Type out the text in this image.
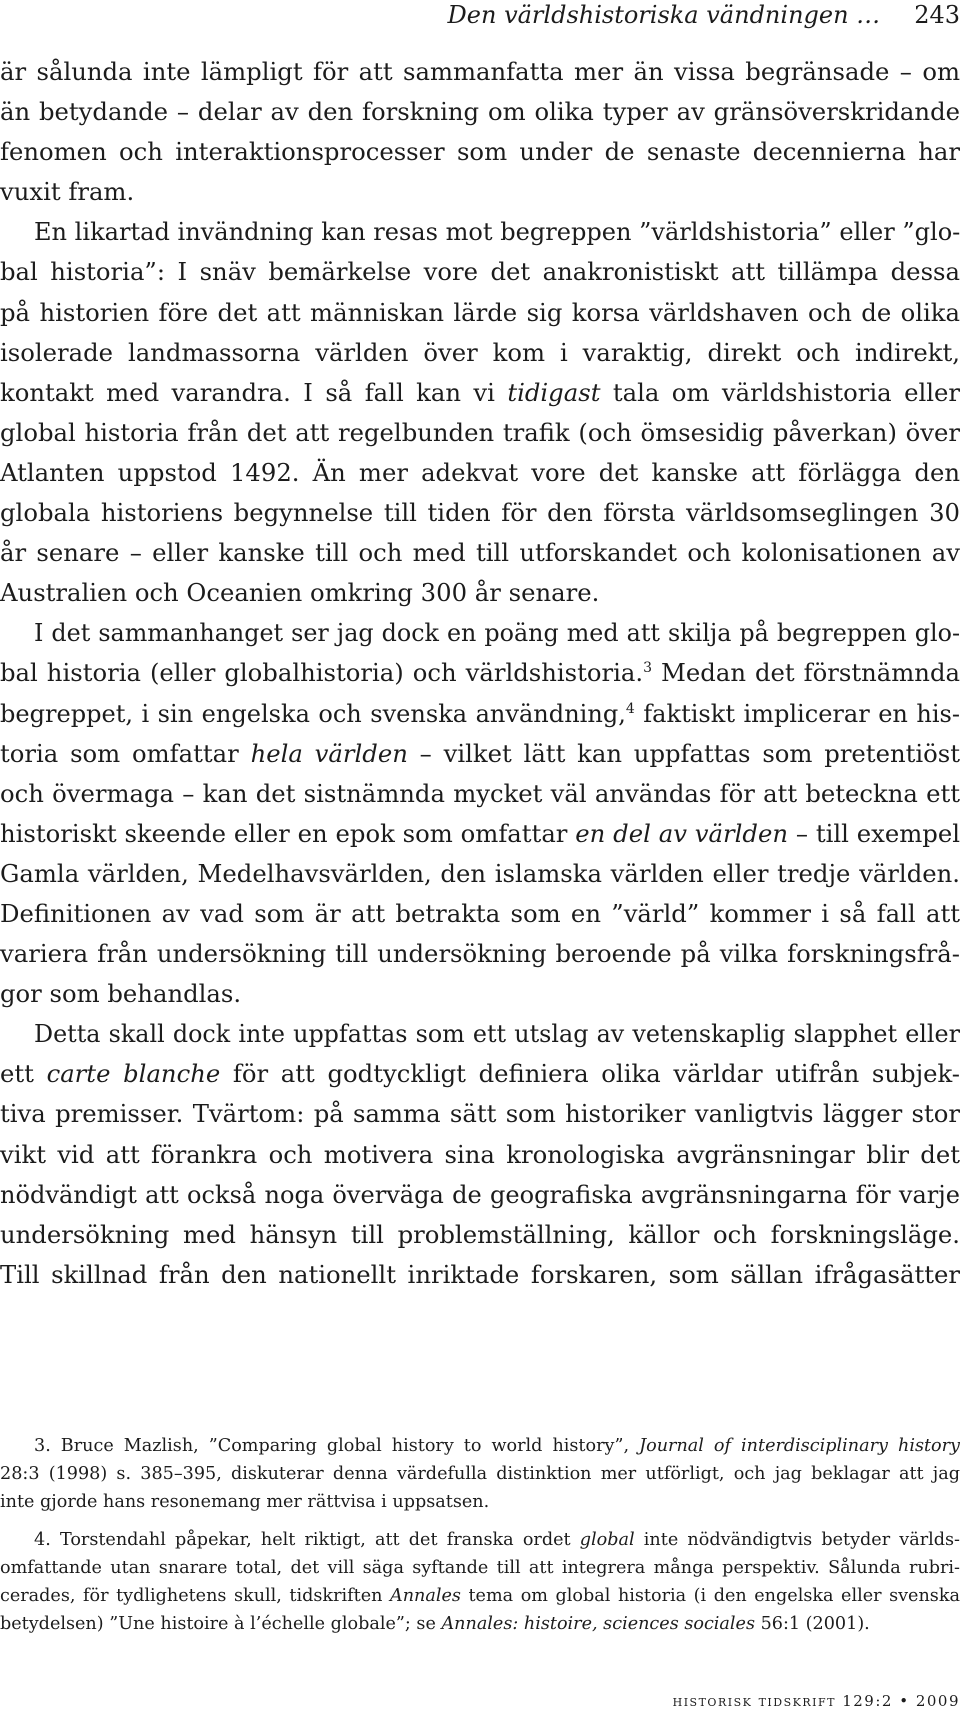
Den världshistoriska vändningen … 243
är sålunda inte lämpligt för att sammanfatta mer än vissa begränsade – om
än betydande – delar av den forskning om olika typer av gränsöverskridande
fenomen och interaktionsprocesser som under de senaste decennierna har
vuxit fram.
En likartad invändning kan resas mot begreppen ”världshistoria” eller ”glo-
bal historia”: I snäv bemärkelse vore det anakronistiskt att tillämpa dessa
på historien före det att människan lärde sig korsa världshaven och de olika
isolerade landmassorna världen över kom i varaktig, direkt och indirekt,
kontakt med varandra. I så fall kan vi tidigast tala om världshistoria eller
global historia från det att regelbunden trafik (och ömsesidig påverkan) över
Atlanten uppstod 1492. Än mer adekvat vore det kanske att förlägga den
globala historiens begynnelse till tiden för den första världsomseglingen 30
år senare – eller kanske till och med till utforskandet och kolonisationen av
Australien och Oceanien omkring 300 år senare.
I det sammanhanget ser jag dock en poäng med att skilja på begreppen glo-
bal historia (eller globalhistoria) och världshistoria.$^3$ Medan det förstnämnda
begreppet, i sin engelska och svenska användning,$^4$ faktiskt implicerar en his-
toria som omfattar hela världen – vilket lätt kan uppfattas som pretentiöst
och övermaga – kan det sistnämnda mycket väl användas för att beteckna ett
historiskt skeende eller en epok som omfattar en del av världen – till exempel
Gamla världen, Medelhavsvärlden, den islamska världen eller tredje världen.
Definitionen av vad som är att betrakta som en ”värld” kommer i så fall att
variera från undersökning till undersökning beroende på vilka forskningsfrå-
gor som behandlas.
Detta skall dock inte uppfattas som ett utslag av vetenskaplig slapphet eller
ett carte blanche för att godtyckligt definiera olika världar utifrån subjek-
tiva premisser. Tvärtom: på samma sätt som historiker vanligtvis lägger stor
vikt vid att förankra och motivera sina kronologiska avgränsningar blir det
nödvändigt att också noga överväga de geografiska avgränsningarna för varje
undersökning med hänsyn till problemställning, källor och forskningsläge.
Till skillnad från den nationellt inriktade forskaren, som sällan ifrågasätter
3. Bruce Mazlish, ”Comparing global history to world history”, Journal of interdisciplinary history
28:3 (1998) s. 385–395, diskuterar denna värdefulla distinktion mer utförligt, och jag beklagar att jag
inte gjorde hans resonemang mer rättvisa i uppsatsen.
4. Torstendahl påpekar, helt riktigt, att det franska ordet global inte nödvändigtvis betyder världs-
omfattande utan snarare total, det vill säga syftande till att integrera många perspektiv. Sålunda rubri-
cerades, för tydlighetens skull, tidskriften Annales tema om global historia (i den engelska eller svenska
betydelsen) ”Une histoire à l’échelle globale”; se Annales: histoire, sciences sociales 56:1 (2001).
historisk tidskrift 129:2 • 2009
